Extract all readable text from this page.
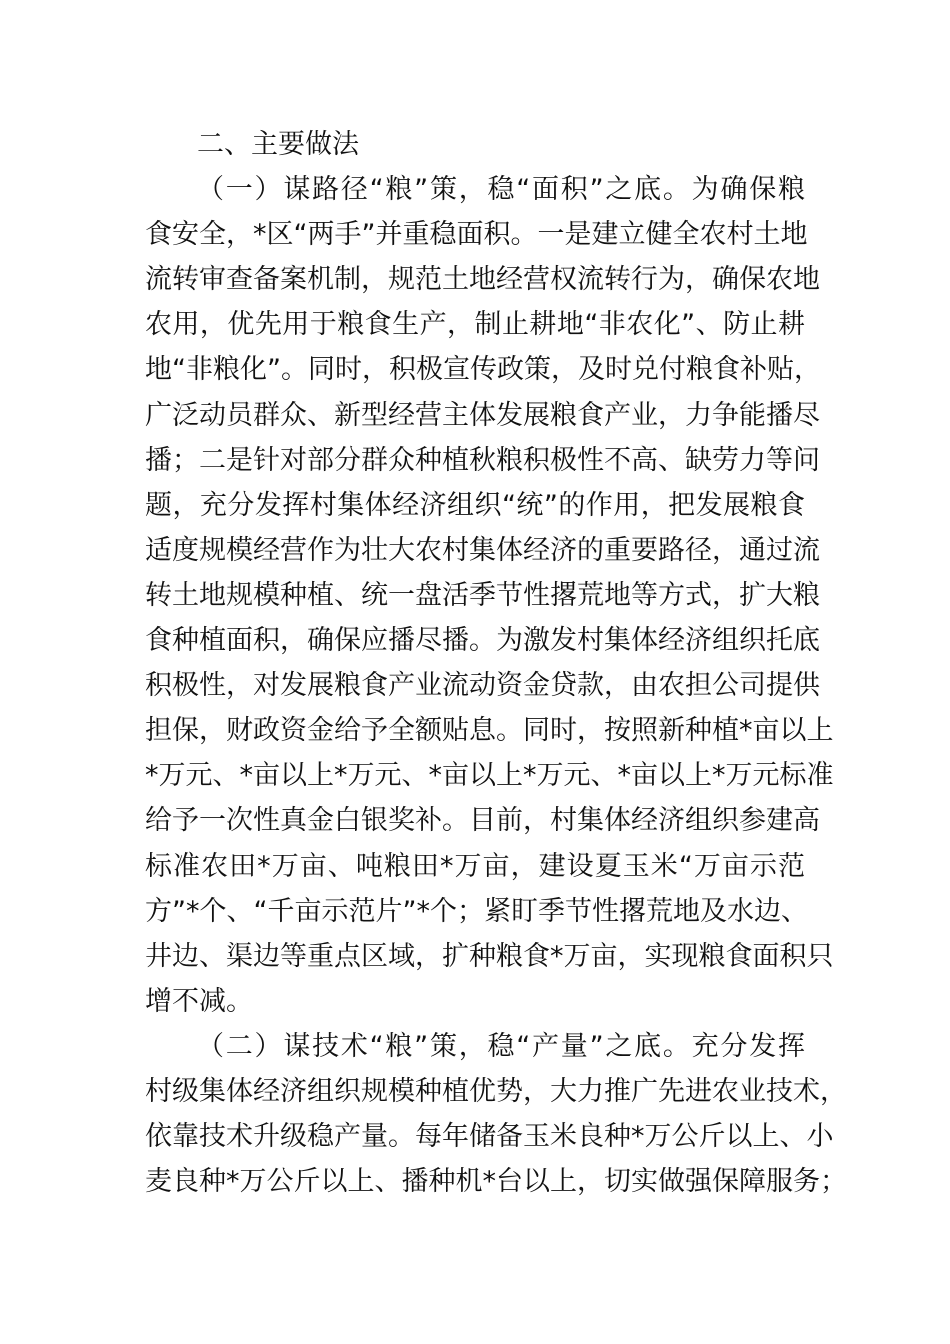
二、主要做法
（一）谋路径“粮”策，稳“面积”之底。为确保粮
食安全，*区“两手”并重稳面积。一是建立健全农村土地
流转审查备案机制，规范土地经营权流转行为，确保农地
农用，优先用于粮食生产，制止耕地“非农化”、防止耕
地“非粮化”。同时，积极宣传政策，及时兑付粮食补贴，
广泛动员群众、新型经营主体发展粮食产业，力争能播尽
播；二是针对部分群众种植秋粮积极性不高、缺劳力等问
题，充分发挥村集体经济组织“统”的作用，把发展粮食
适度规模经营作为壮大农村集体经济的重要路径，通过流
转土地规模种植、统一盘活季节性撂荒地等方式，扩大粮
食种植面积，确保应播尽播。为激发村集体经济组织托底
积极性，对发展粮食产业流动资金贷款，由农担公司提供
担保，财政资金给予全额贴息。同时，按照新种植*亩以上
*万元、*亩以上*万元、*亩以上*万元、*亩以上*万元标准
给予一次性真金白银奖补。目前，村集体经济组织参建高
标准农田*万亩、吨粮田*万亩，建设夏玉米“万亩示范
方”*个、“千亩示范片”*个；紧盯季节性撂荒地及水边、
井边、渠边等重点区域，扩种粮食*万亩，实现粮食面积只
增不减。
（二）谋技术“粮”策，稳“产量”之底。充分发挥
村级集体经济组织规模种植优势，大力推广先进农业技术，
依靠技术升级稳产量。每年储备玉米良种*万公斤以上、小
麦良种*万公斤以上、播种机*台以上，切实做强保障服务；
